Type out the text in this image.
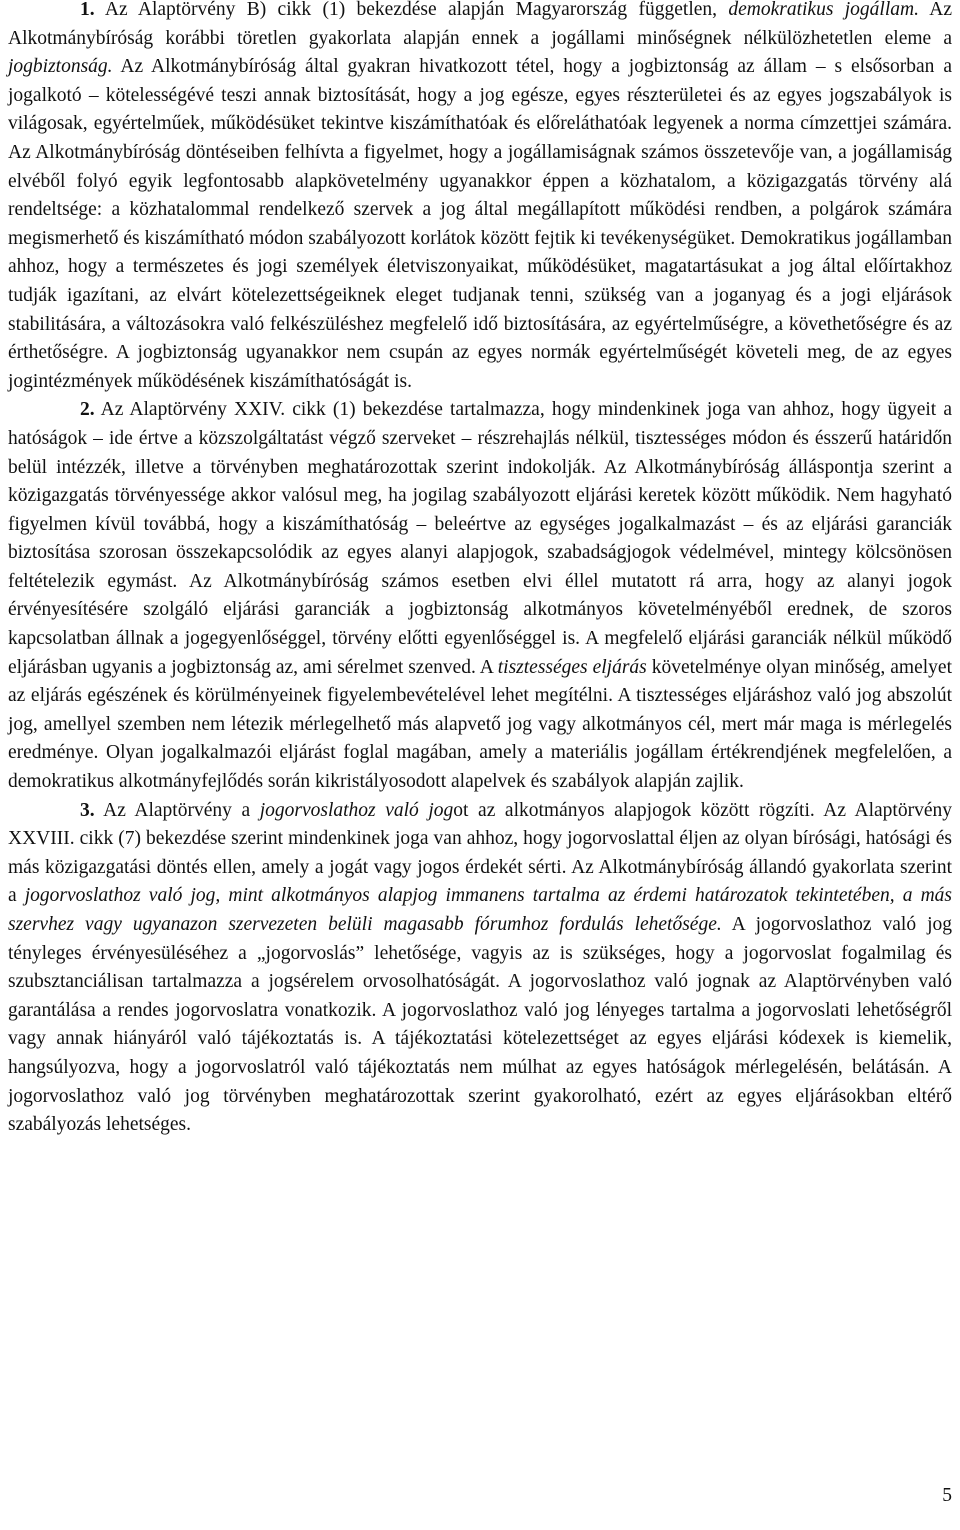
1. Az Alaptörvény B) cikk (1) bekezdése alapján Magyarország független, demokratikus jogállam. Az Alkotmánybíróság korábbi töretlen gyakorlata alapján ennek a jogállami minőségnek nélkülözhetetlen eleme a jogbiztonság. Az Alkotmánybíróság által gyakran hivatkozott tétel, hogy a jogbiztonság az állam – s elsősorban a jogalkotó – kötelességévé teszi annak biztosítását, hogy a jog egésze, egyes részterületei és az egyes jogszabályok is világosak, egyértelműek, működésüket tekintve kiszámíthatóak és előreláthatóak legyenek a norma címzettjei számára. Az Alkotmánybíróság döntéseiben felhívta a figyelmet, hogy a jogállamiságnak számos összetevője van, a jogállamiság elvéből folyó egyik legfontosabb alapkövetelmény ugyanakkor éppen a közhatalom, a közigazgatás törvény alá rendeltsége: a közhatalommal rendelkező szervek a jog által megállapított működési rendben, a polgárok számára megismerhető és kiszámítható módon szabályozott korlátok között fejtik ki tevékenységüket. Demokratikus jogállamban ahhoz, hogy a természetes és jogi személyek életviszonyaikat, működésüket, magatartásukat a jog által előírtakhoz tudják igazítani, az elvárt kötelezettségeiknek eleget tudjanak tenni, szükség van a joganyag és a jogi eljárások stabilitására, a változásokra való felkészüléshez megfelelő idő biztosítására, az egyértelműségre, a követhetőségre és az érthetőségre. A jogbiztonság ugyanakkor nem csupán az egyes normák egyértelműségét követeli meg, de az egyes jogintézmények működésének kiszámíthatóságát is.

2. Az Alaptörvény XXIV. cikk (1) bekezdése tartalmazza, hogy mindenkinek joga van ahhoz, hogy ügyeit a hatóságok – ide értve a közszolgáltatást végző szerveket – részrehajlás nélkül, tisztességes módon és ésszerű határidőn belül intézzék, illetve a törvényben meghatározottak szerint indokolják. Az Alkotmánybíróság álláspontja szerint a közigazgatás törvényessége akkor valósul meg, ha jogilag szabályozott eljárási keretek között működik. Nem hagyható figyelmen kívül továbbá, hogy a kiszámíthatóság – beleértve az egységes jogalkalmazást – és az eljárási garanciák biztosítása szorosan összekapcsolódik az egyes alanyi alapjogok, szabadságjogok védelmével, mintegy kölcsönösen feltételezik egymást. Az Alkotmánybíróság számos esetben elvi éllel mutatott rá arra, hogy az alanyi jogok érvényesítésére szolgáló eljárási garanciák a jogbiztonság alkotmányos követelményéből erednek, de szoros kapcsolatban állnak a jogegyenlőséggel, törvény előtti egyenlőséggel is. A megfelelő eljárási garanciák nélkül működő eljárásban ugyanis a jogbiztonság az, ami sérelmet szenved. A tisztességes eljárás követelménye olyan minőség, amelyet az eljárás egészének és körülményeinek figyelembevételével lehet megítélni. A tisztességes eljáráshoz való jog abszolút jog, amellyel szemben nem létezik mérlegelhető más alapvető jog vagy alkotmányos cél, mert már maga is mérlegelés eredménye. Olyan jogalkalmazói eljárást foglal magában, amely a materiális jogállam értékrendjének megfelelően, a demokratikus alkotmányfejlődés során kikristályosodott alapelvek és szabályok alapján zajlik.

3. Az Alaptörvény a jogorvoslathoz való jogot az alkotmányos alapjogok között rögzíti. Az Alaptörvény XXVIII. cikk (7) bekezdése szerint mindenkinek joga van ahhoz, hogy jogorvoslattal éljen az olyan bírósági, hatósági és más közigazgatási döntés ellen, amely a jogát vagy jogos érdekét sérti. Az Alkotmánybíróság állandó gyakorlata szerint a jogorvoslathoz való jog, mint alkotmányos alapjog immanens tartalma az érdemi határozatok tekintetében, a más szervhez vagy ugyanazon szervezeten belüli magasabb fórumhoz fordulás lehetősége. A jogorvoslathoz való jog tényleges érvényesüléséhez a „jogorvoslás” lehetősége, vagyis az is szükséges, hogy a jogorvoslat fogalmilag és szubsztanciálisan tartalmazza a jogsérelem orvosolhatóságát. A jogorvoslathoz való jognak az Alaptörvényben való garantálása a rendes jogorvoslatra vonatkozik. A jogorvoslathoz való jog lényeges tartalma a jogorvoslati lehetőségről vagy annak hiányáról való tájékoztatás is. A tájékoztatási kötelezettséget az egyes eljárási kódexek is kiemelik, hangsúlyozva, hogy a jogorvoslatról való tájékoztatás nem múlhat az egyes hatóságok mérlegelésén, belátásán. A jogorvoslathoz való jog törvényben meghatározottak szerint gyakorolható, ezért az egyes eljárásokban eltérő szabályozás lehetséges.

5
